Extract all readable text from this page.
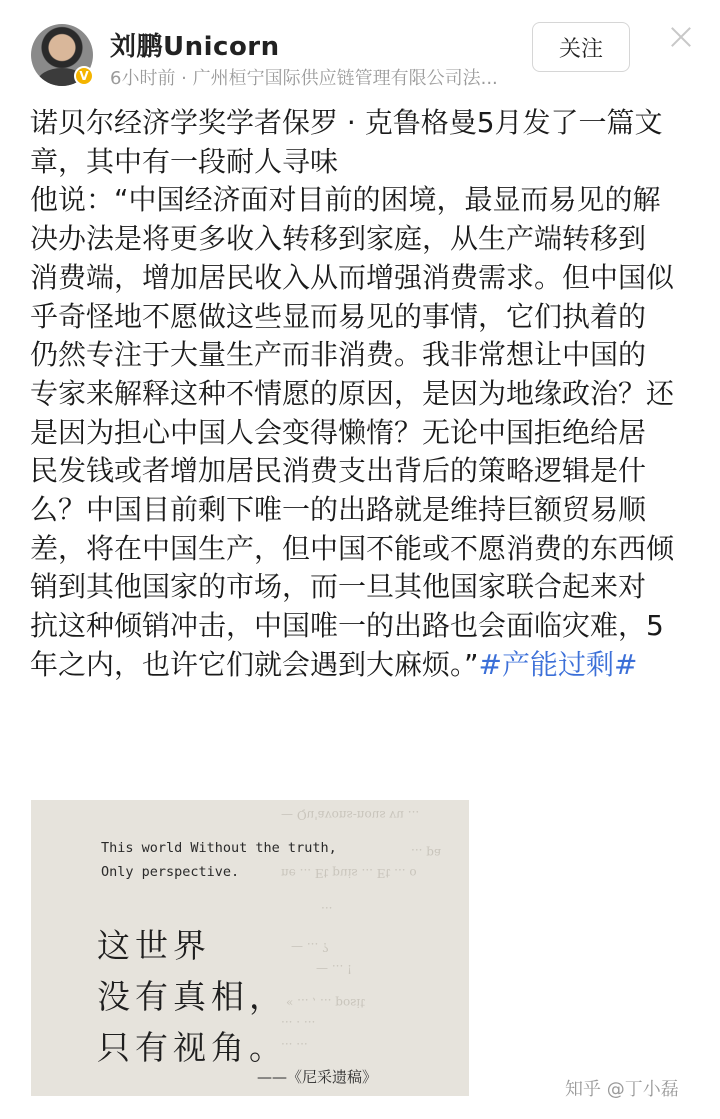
V
刘鹏Unicorn
6小时前 · 广州桓宁国际供应链管理有限公司法...
关注

诺贝尔经济学奖学者保罗 · 克鲁格曼5月发了一篇文

章，其中有一段耐人寻味

他说：“中国经济面对目前的困境，最显而易见的解

决办法是将更多收入转移到家庭，从生产端转移到

消费端，增加居民收入从而增强消费需求。但中国似

乎奇怪地不愿做这些显而易见的事情，它们执着的

仍然专注于大量生产而非消费。我非常想让中国的

专家来解释这种不情愿的原因，是因为地缘政治？还

是因为担心中国人会变得懒惰？无论中国拒绝给居

民发钱或者增加居民消费支出背后的策略逻辑是什

么？中国目前剩下唯一的出路就是维持巨额贸易顺

差，将在中国生产，但中国不能或不愿消费的东西倾

销到其他国家的市场，而一旦其他国家联合起来对

抗这种倾销冲击，中国唯一的出路也会面临灾难，5

年之内，也许它们就会遇到大麻烦。”#产能过剩#

— Qu'avons-nous vu ...
... pa
ne ... Et puis ... Et ... o
...
— ... ?
— ... !
« ... , ... posit
... . ...
... ...
This world Without the truth,
Only perspective.
这世界
没有真相，
只有视角。
——《尼采遗稿》
知乎 @丁小磊
